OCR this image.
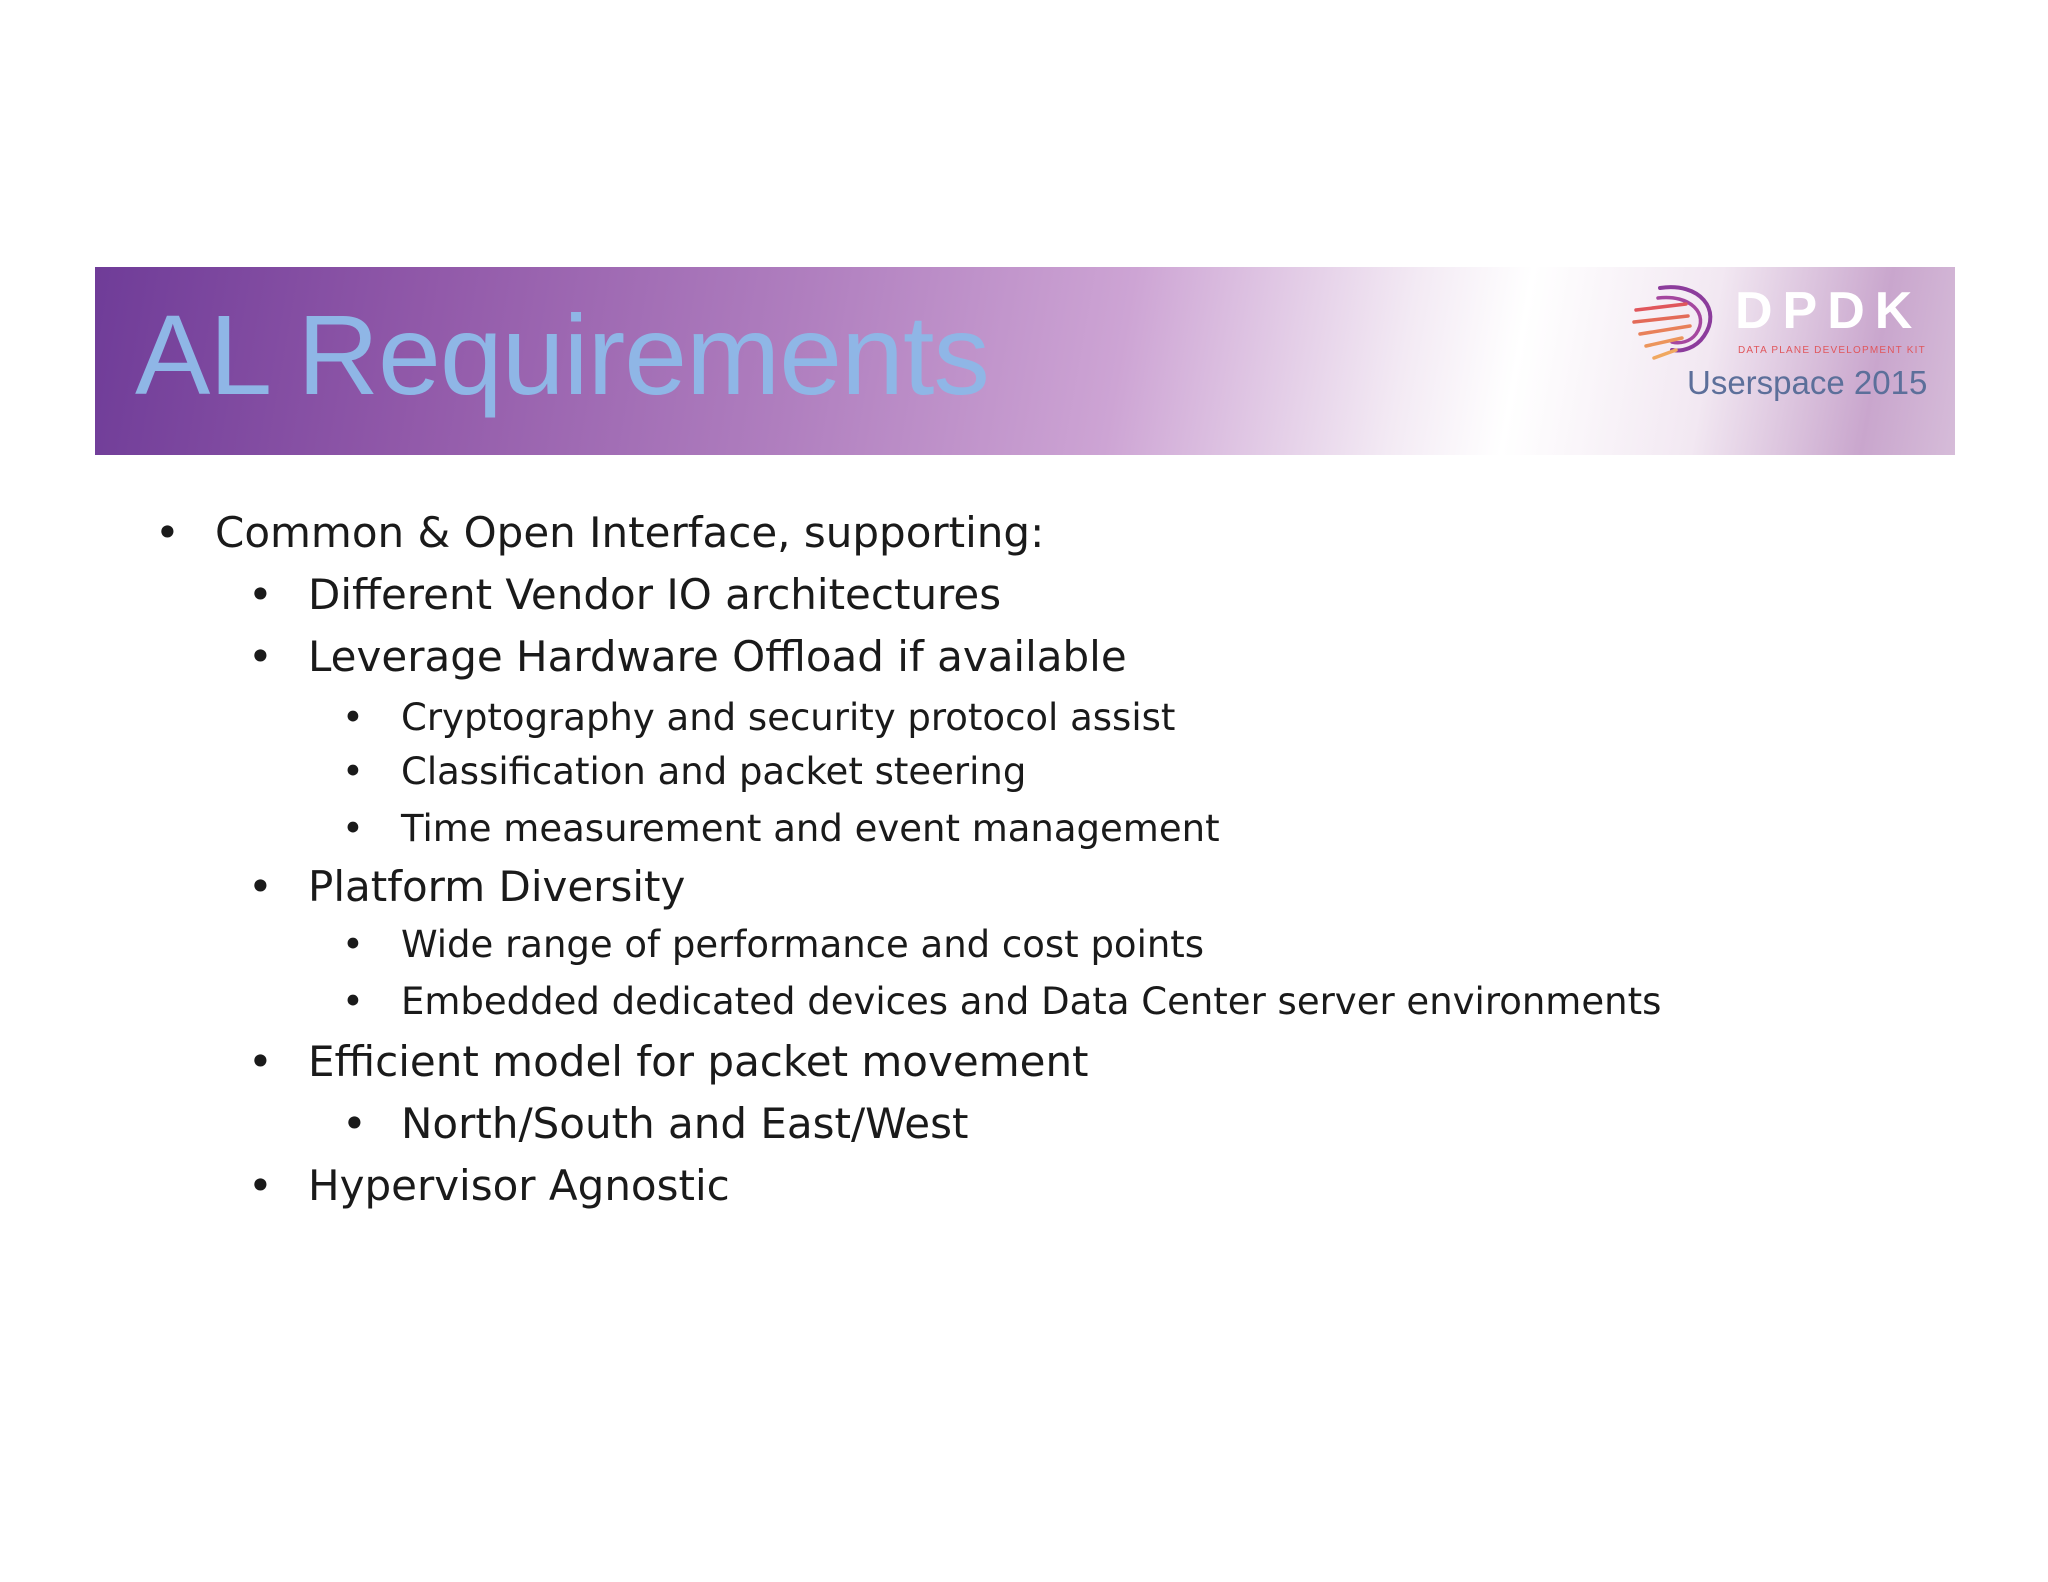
AL Requirements	DPDK
DATA PLANE DEVELOPMENT KIT
Userspace 2015
• Common & Open Interface, supporting:
• Different Vendor IO architectures
• Leverage Hardware Offload if available
• Cryptography and security protocol assist
• Classification and packet steering
• Time measurement and event management
• Platform Diversity
• Wide range of performance and cost points
• Embedded dedicated devices and Data Center server environments
• Efficient model for packet movement
• North/South and East/West
• Hypervisor Agnostic
